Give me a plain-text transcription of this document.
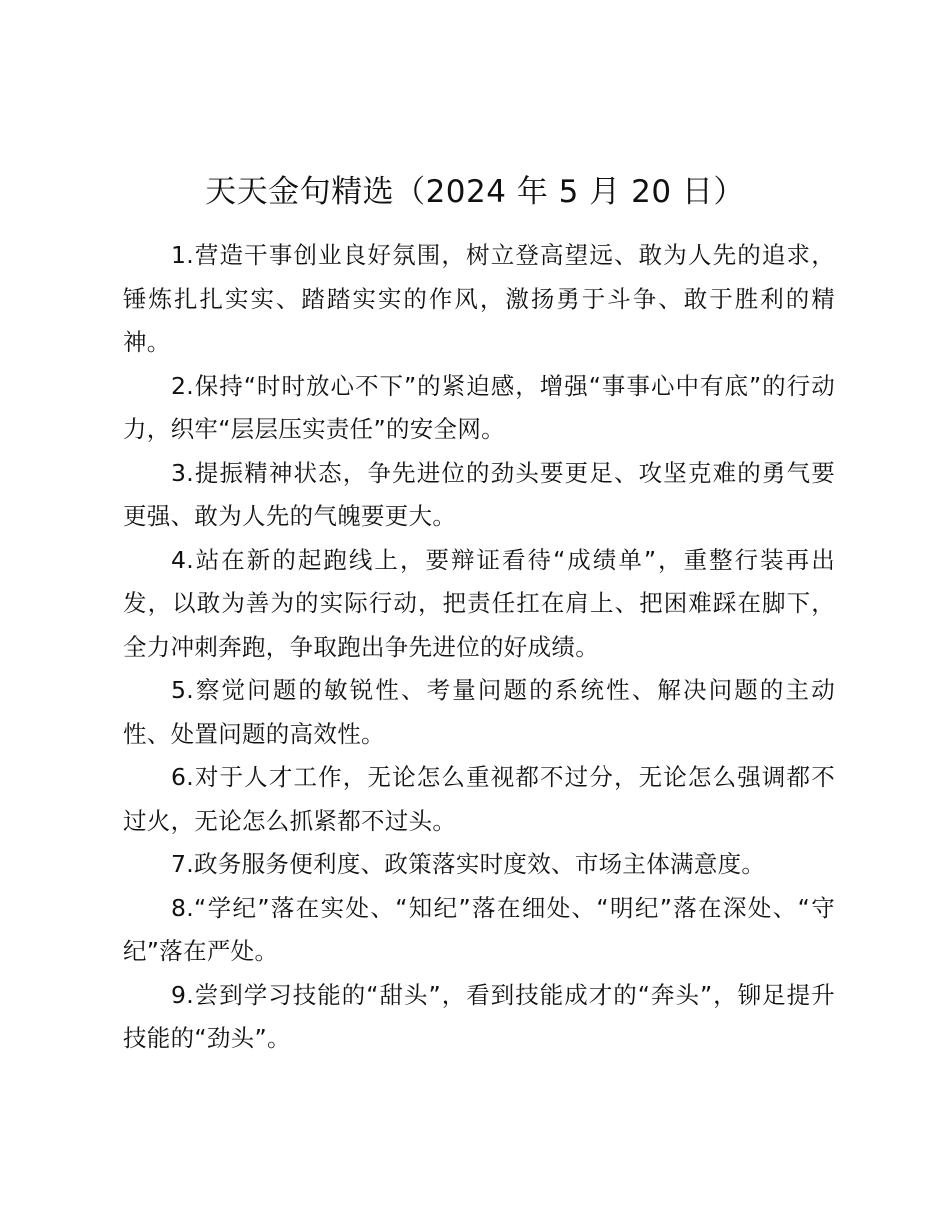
天天金句精选（2024 年 5 月 20 日）

1.营造干事创业良好氛围，树立登高望远、敢为人先的追求，锤炼扎扎实实、踏踏实实的作风，激扬勇于斗争、敢于胜利的精神。

2.保持“时时放心不下”的紧迫感，增强“事事心中有底”的行动力，织牢“层层压实责任”的安全网。

3.提振精神状态，争先进位的劲头要更足、攻坚克难的勇气要更强、敢为人先的气魄要更大。

4.站在新的起跑线上，要辩证看待“成绩单”，重整行装再出发，以敢为善为的实际行动，把责任扛在肩上、把困难踩在脚下，全力冲刺奔跑，争取跑出争先进位的好成绩。

5.察觉问题的敏锐性、考量问题的系统性、解决问题的主动性、处置问题的高效性。

6.对于人才工作，无论怎么重视都不过分，无论怎么强调都不过火，无论怎么抓紧都不过头。

7.政务服务便利度、政策落实时度效、市场主体满意度。

8.“学纪”落在实处、“知纪”落在细处、“明纪”落在深处、“守纪”落在严处。

9.尝到学习技能的“甜头”，看到技能成才的“奔头”，铆足提升技能的“劲头”。
